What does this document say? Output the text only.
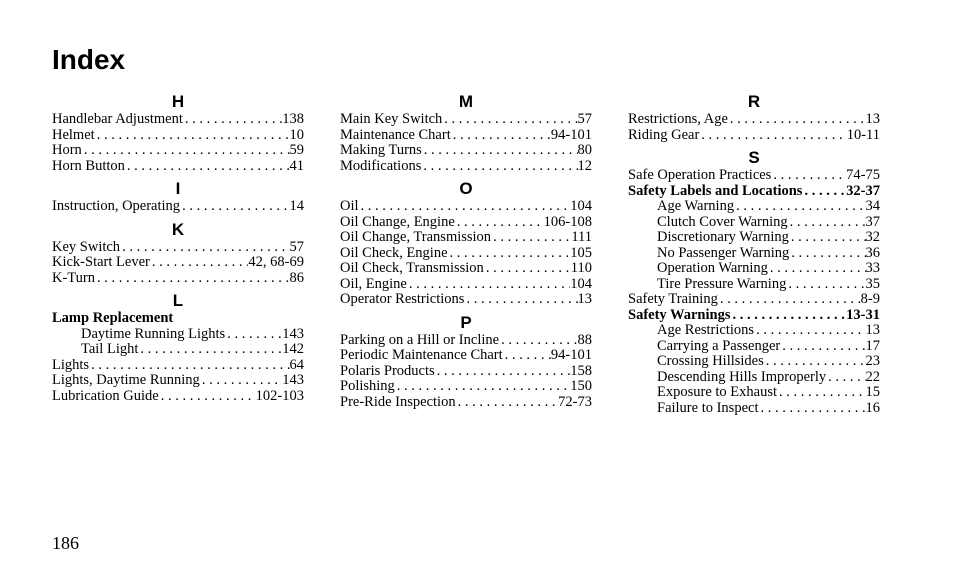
Index
H
Handlebar Adjustment . . .	138
Helmet . . .	10
Horn . . .	59
Horn Button . . .	41
I
Instruction, Operating . . .	14
K
Key Switch . . .	57
Kick-Start Lever . . .	42, 68-69
K-Turn . . .	86
L
Lamp Replacement
Daytime Running Lights . . .	143
Tail Light . . .	142
Lights . . .	64
Lights, Daytime Running . . .	143
Lubrication Guide . . .	102-103
M
Main Key Switch . . .	57
Maintenance Chart . . .	94-101
Making Turns . . .	80
Modifications . . .	12
O
Oil . . .	104
Oil Change, Engine . . .	106-108
Oil Change, Transmission . . .	111
Oil Check, Engine . . .	105
Oil Check, Transmission . . .	110
Oil, Engine . . .	104
Operator Restrictions . . .	13
P
Parking on a Hill or Incline . . .	88
Periodic Maintenance Chart . . .	94-101
Polaris Products . . .	158
Polishing . . .	150
Pre-Ride Inspection . . .	72-73
R
Restrictions, Age . . .	13
Riding Gear . . .	10-11
S
Safe Operation Practices . . .	74-75
Safety Labels and Locations . . .	32-37
Age Warning . . .	34
Clutch Cover Warning . . .	37
Discretionary Warning . . .	32
No Passenger Warning . . .	36
Operation Warning . . .	33
Tire Pressure Warning . . .	35
Safety Training . . .	8-9
Safety Warnings . . .	13-31
Age Restrictions . . .	13
Carrying a Passenger . . .	17
Crossing Hillsides . . .	23
Descending Hills Improperly . . .	22
Exposure to Exhaust . . .	15
Failure to Inspect . . .	16
186
